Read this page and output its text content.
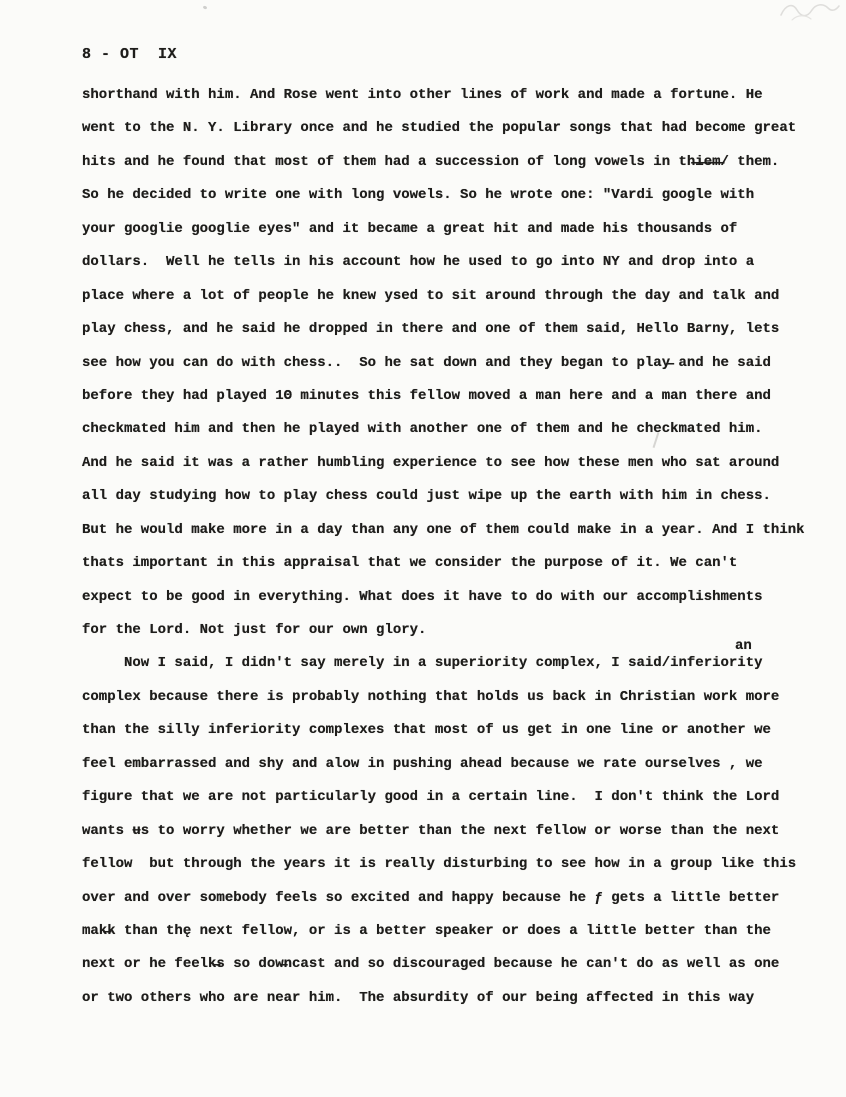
8 - OT  IX
shorthand with him. And Rose went into other lines of work and made a fortune. He
went to the N. Y. Library once and he studied the popular songs that had become great
hits and he found that most of them had a succession of long vowels in th̶i̶e̶m̶/ them.
So he decided to write one with long vowels. So he wrote one: "Vardi google with
your googlie googlie eyes" and it became a great hit and made his thousands of
dollars.  Well he tells in his account how he used to go into NY and drop into a
place where a lot of people he knew ysed to sit around through the day and talk and
play chess, and he said he dropped in there and one of them said, Hello Barny, lets
see how you can do with chess..  So he sat down and they began to play̶ and he said
before they had played 1Θ minutes this fellow moved a man here and a man there and
checkmated him and then he played with another one of them and he checkmated him.
And he said it was a rather humbling experience to see how these men who sat around
all day studying how to play chess could just wipe up the earth with him in chess.
But he would make more in a day than any one of them could make in a year. And I think
thats important in this appraisal that we consider the purpose of it. We can't
expect to be good in everything. What does it have to do with our accomplishments
for the Lord. Not just for our own glory.
Now I said, I didn't say merely in a superiority complex, I said/inferiority
complex because there is probably nothing that holds us back in Christian work more
than the silly inferiority complexes that most of us get in one line or another we
feel embarrassed and shy and alow in pushing ahead because we rate ourselves , we
figure that we are not particularly good in a certain line.  I don't think the Lord
wants ʉs to worry whether we are better than the next fellow or worse than the next
fellow  but through the years it is really disturbing to see how in a group like this
over and over somebody feels so excited and happy because he ƒ gets a little better
mak̶k than thę next fellow, or is a better speaker or does a little better than the
next or he feelk̶s so dow̶ncast and so discouraged because he can't do as well as one
or two others who are near him.  The absurdity of our being affected in this way
an
